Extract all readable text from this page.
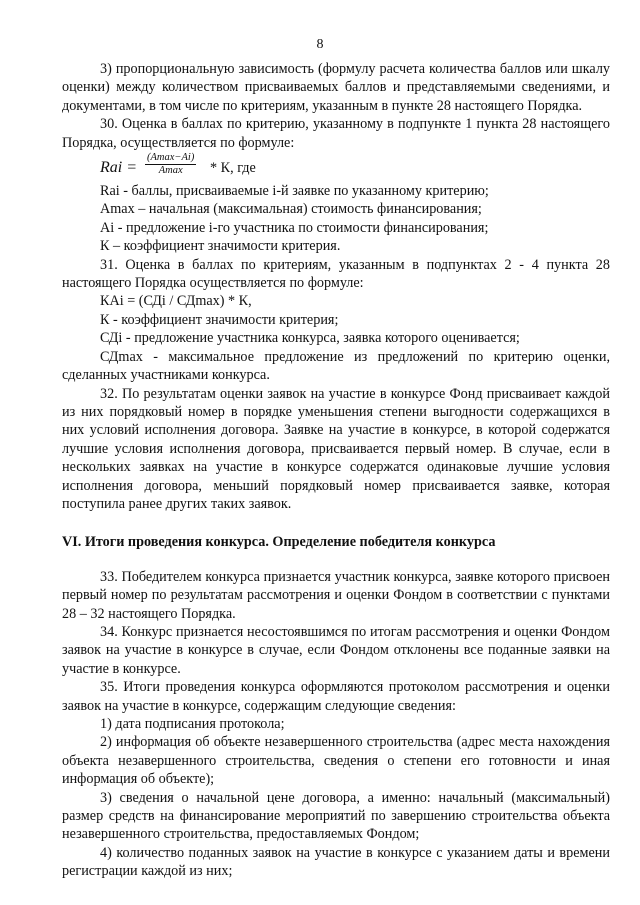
8

3) пропорциональную зависимость (формулу расчета количества баллов или шкалу оценки) между количеством присваиваемых баллов и представляемыми сведениями, и документами, в том числе по критериям, указанным в пункте 28 настоящего Порядка.

30. Оценка в баллах по критерию, указанному в подпункте 1 пункта 28 настоящего Порядка, осуществляется по формуле:

Rai =
(Amax−Ai)
Amax	* К, где

Rai - баллы, присваиваемые i-й заявке по указанному критерию;

Amax – начальная (максимальная) стоимость финансирования;

Ai - предложение i-го участника по стоимости финансирования;

К – коэффициент значимости критерия.

31. Оценка в баллах по критериям, указанным в подпунктах 2 - 4 пункта 28 настоящего Порядка осуществляется по формуле:

КАi = (СДi / СДmax) * К,

К - коэффициент значимости критерия;

СДi - предложение участника конкурса, заявка которого оценивается;

СДmax - максимальное предложение из предложений по критерию оценки, сделанных участниками конкурса.

32. По результатам оценки заявок на участие в конкурсе Фонд присваивает каждой из них порядковый номер в порядке уменьшения степени выгодности содержащихся в них условий исполнения договора. Заявке на участие в конкурсе, в которой содержатся лучшие условия исполнения договора, присваивается первый номер. В случае, если в нескольких заявках на участие в конкурсе содержатся одинаковые лучшие условия исполнения договора, меньший порядковый номер присваивается заявке, которая поступила ранее других таких заявок.

VI. Итоги проведения конкурса. Определение победителя конкурса

33. Победителем конкурса признается участник конкурса, заявке которого присвоен первый номер по результатам рассмотрения и оценки Фондом в соответствии с пунктами 28 – 32 настоящего Порядка.

34. Конкурс признается несостоявшимся по итогам рассмотрения и оценки Фондом заявок на участие в конкурсе в случае, если Фондом отклонены все поданные заявки на участие в конкурсе.

35. Итоги проведения конкурса оформляются протоколом рассмотрения и оценки заявок на участие в конкурсе, содержащим следующие сведения:

1) дата подписания протокола;

2) информация об объекте незавершенного строительства (адрес места нахождения объекта незавершенного строительства, сведения о степени его готовности и иная информация об объекте);

3) сведения о начальной цене договора, а именно: начальный (максимальный) размер средств на финансирование мероприятий по завершению строительства объекта незавершенного строительства, предоставляемых Фондом;

4) количество поданных заявок на участие в конкурсе с указанием даты и времени регистрации каждой из них;
